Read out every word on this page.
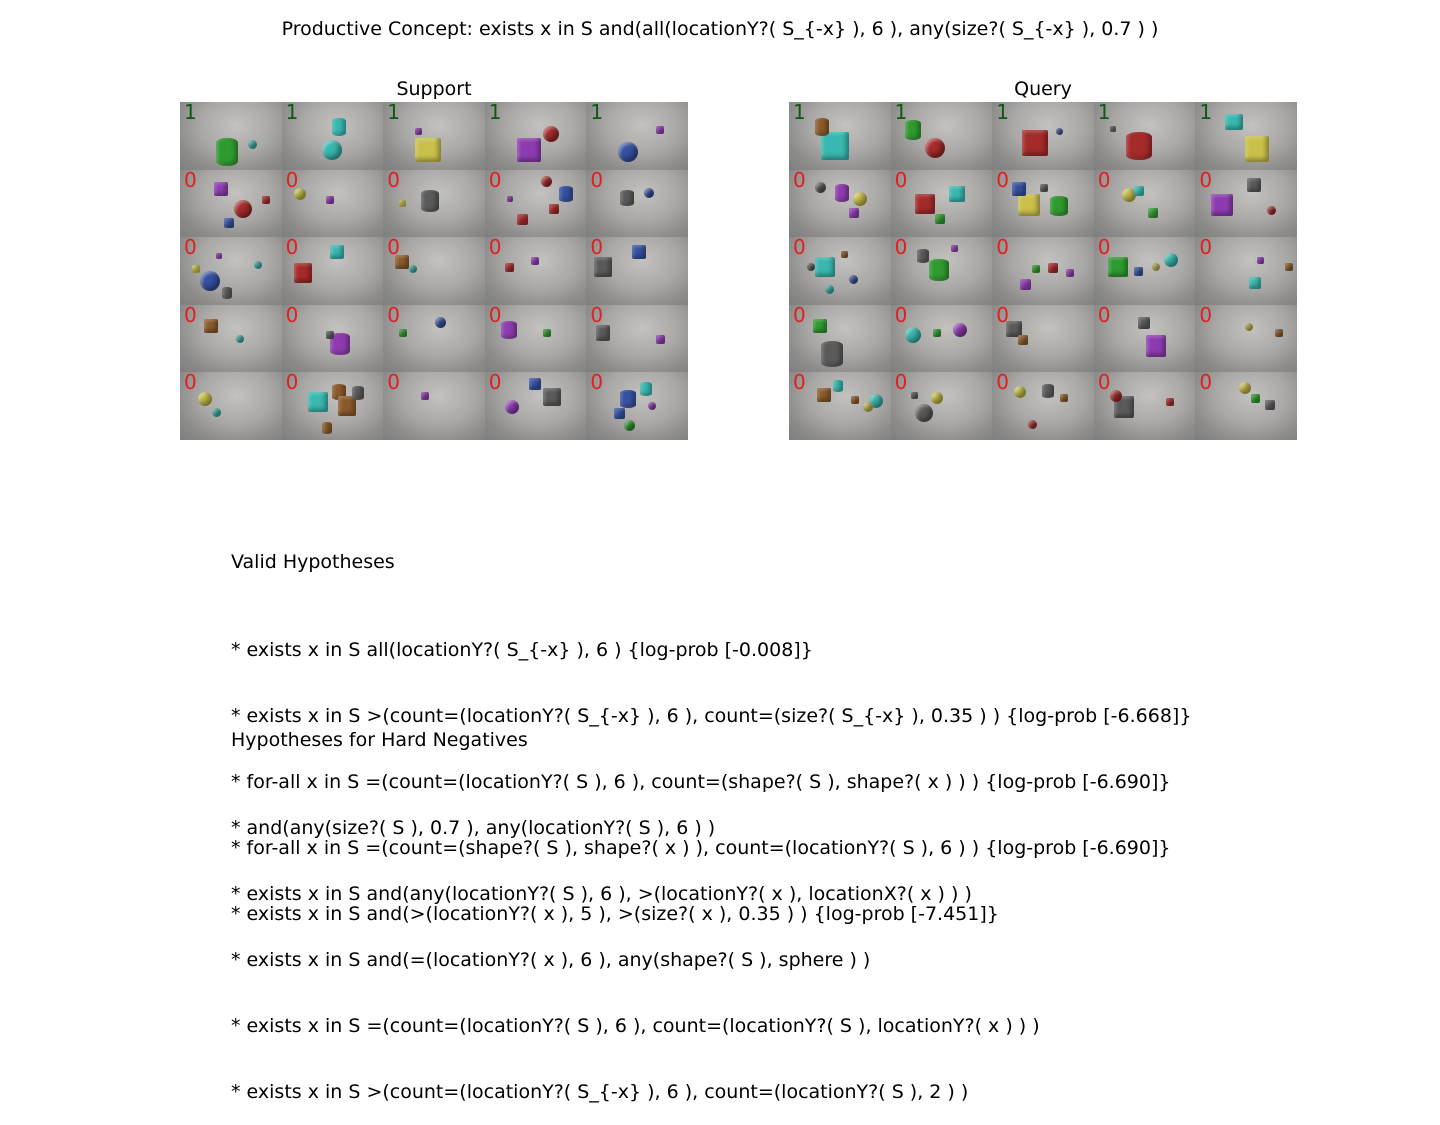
Productive Concept: exists x in S and(all(locationY?( S_{-x} ), 6 ), any(size?( S_{-x} ), 0.7 ) )
Support
1	1	1	1	1
0	0	0	0	0
0	0	0	0	0
0	0	0	0	0
0	0	0	0	0
Query
1	1	1	1	1
0	0	0	0	0
0	0	0	0	0
0	0	0	0	0
0	0	0	0	0
Valid Hypotheses

* exists x in S all(locationY?( S_{-x} ), 6 ) {log-prob [-0.008]}

* exists x in S >(count=(locationY?( S_{-x} ), 6 ), count=(size?( S_{-x} ), 0.35 ) ) {log-prob [-6.668]}

* for-all x in S =(count=(locationY?( S ), 6 ), count=(shape?( S ), shape?( x ) ) ) {log-prob [-6.690]}

* for-all x in S =(count=(shape?( S ), shape?( x ) ), count=(locationY?( S ), 6 ) ) {log-prob [-6.690]}

* exists x in S and(>(locationY?( x ), 5 ), >(size?( x ), 0.35 ) ) {log-prob [-7.451]}

Hypotheses for Hard Negatives

* and(any(size?( S ), 0.7 ), any(locationY?( S ), 6 ) )

* exists x in S and(any(locationY?( S ), 6 ), >(locationY?( x ), locationX?( x ) ) )

* exists x in S and(=(locationY?( x ), 6 ), any(shape?( S ), sphere ) )

* exists x in S =(count=(locationY?( S ), 6 ), count=(locationY?( S ), locationY?( x ) ) )

* exists x in S >(count=(locationY?( S_{-x} ), 6 ), count=(locationY?( S ), 2 ) )
